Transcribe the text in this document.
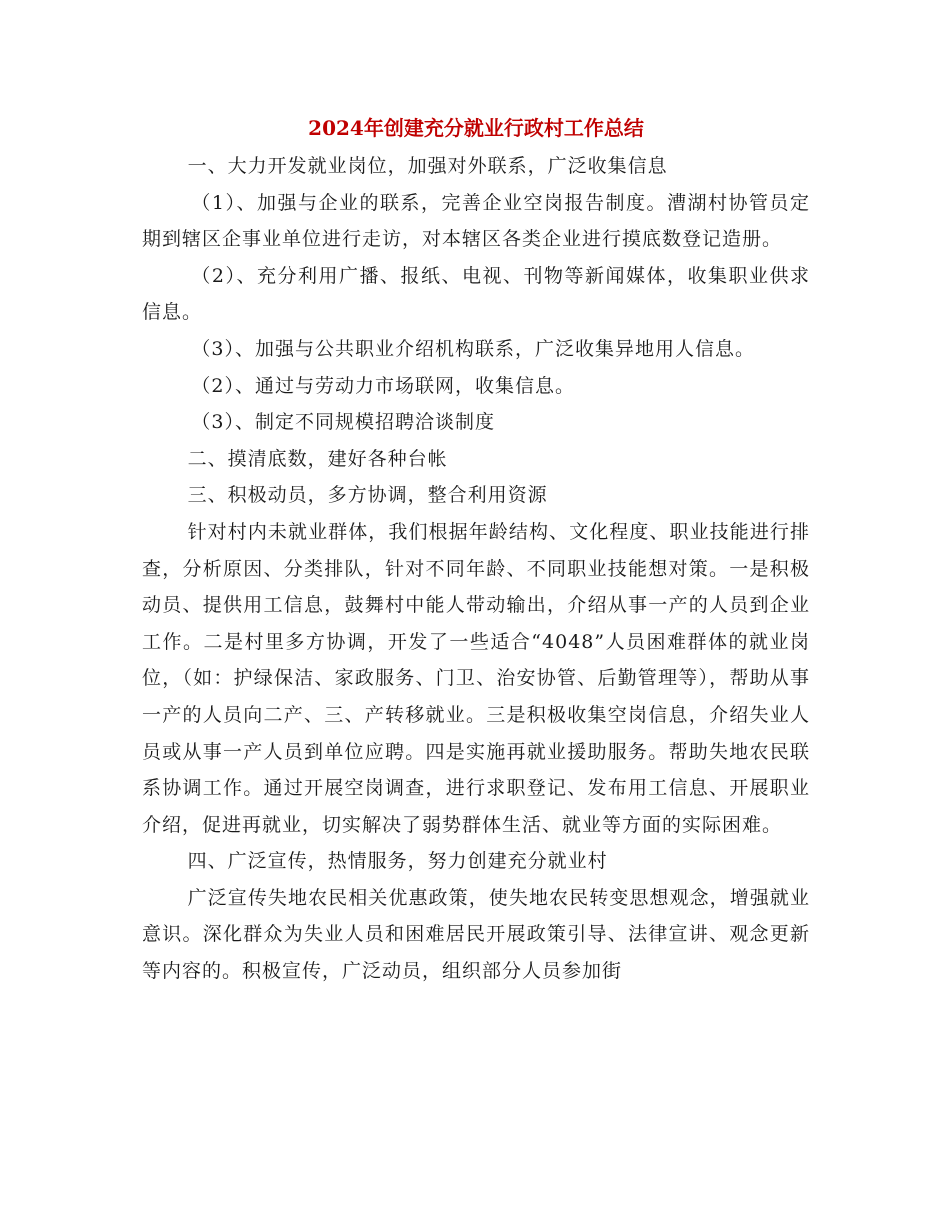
2024年创建充分就业行政村工作总结

一、大力开发就业岗位，加强对外联系，广泛收集信息

（1）、加强与企业的联系，完善企业空岗报告制度。漕湖村协管员定期到辖区企事业单位进行走访，对本辖区各类企业进行摸底数登记造册。

（2）、充分利用广播、报纸、电视、刊物等新闻媒体，收集职业供求信息。

（3）、加强与公共职业介绍机构联系，广泛收集异地用人信息。

（2）、通过与劳动力市场联网，收集信息。

（3）、制定不同规模招聘洽谈制度

二、摸清底数，建好各种台帐

三、积极动员，多方协调，整合利用资源

针对村内未就业群体，我们根据年龄结构、文化程度、职业技能进行排查，分析原因、分类排队，针对不同年龄、不同职业技能想对策。一是积极动员、提供用工信息，鼓舞村中能人带动输出，介绍从事一产的人员到企业工作。二是村里多方协调，开发了一些适合“4048”人员困难群体的就业岗位，（如：护绿保洁、家政服务、门卫、治安协管、后勤管理等），帮助从事一产的人员向二产、三、产转移就业。三是积极收集空岗信息，介绍失业人员或从事一产人员到单位应聘。四是实施再就业援助服务。帮助失地农民联系协调工作。通过开展空岗调查，进行求职登记、发布用工信息、开展职业介绍，促进再就业，切实解决了弱势群体生活、就业等方面的实际困难。

四、广泛宣传，热情服务，努力创建充分就业村

广泛宣传失地农民相关优惠政策，使失地农民转变思想观念，增强就业意识。深化群众为失业人员和困难居民开展政策引导、法律宣讲、观念更新等内容的。积极宣传，广泛动员，组织部分人员参加街
